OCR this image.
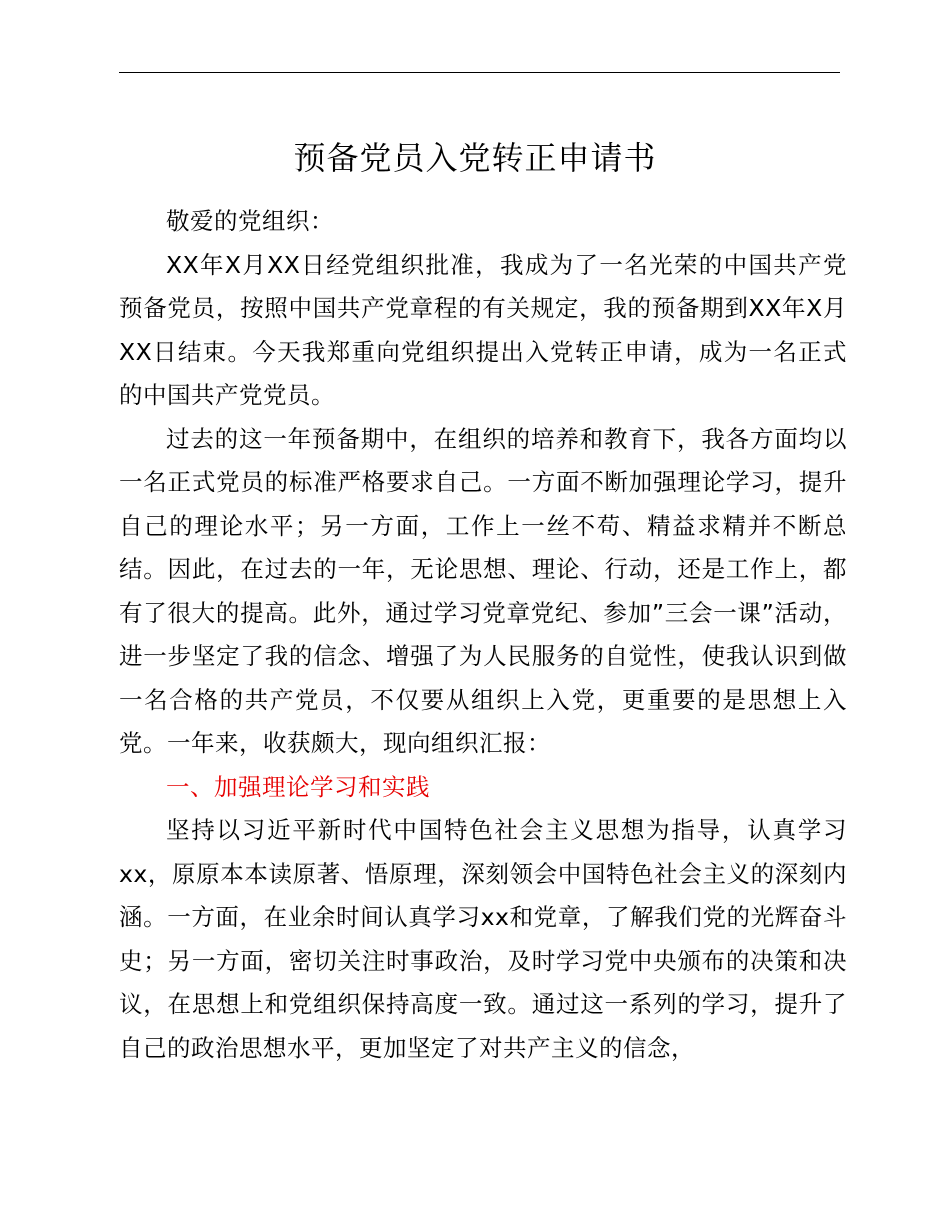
预备党员入党转正申请书

敬爱的党组织：

XX年X月XX日经党组织批准，我成为了一名光荣的中国共产党预备党员，按照中国共产党章程的有关规定，我的预备期到XX年X月XX日结束。今天我郑重向党组织提出入党转正申请，成为一名正式的中国共产党党员。

过去的这一年预备期中，在组织的培养和教育下，我各方面均以一名正式党员的标准严格要求自己。一方面不断加强理论学习，提升自己的理论水平；另一方面，工作上一丝不苟、精益求精并不断总结。因此，在过去的一年，无论思想、理论、行动，还是工作上，都有了很大的提高。此外，通过学习党章党纪、参加”三会一课”活动，进一步坚定了我的信念、增强了为人民服务的自觉性，使我认识到做一名合格的共产党员，不仅要从组织上入党，更重要的是思想上入党。一年来，收获颇大，现向组织汇报：

一、加强理论学习和实践

坚持以习近平新时代中国特色社会主义思想为指导，认真学习xx，原原本本读原著、悟原理，深刻领会中国特色社会主义的深刻内涵。一方面，在业余时间认真学习xx和党章，了解我们党的光辉奋斗史；另一方面，密切关注时事政治，及时学习党中央颁布的决策和决议，在思想上和党组织保持高度一致。通过这一系列的学习，提升了自己的政治思想水平，更加坚定了对共产主义的信念，
